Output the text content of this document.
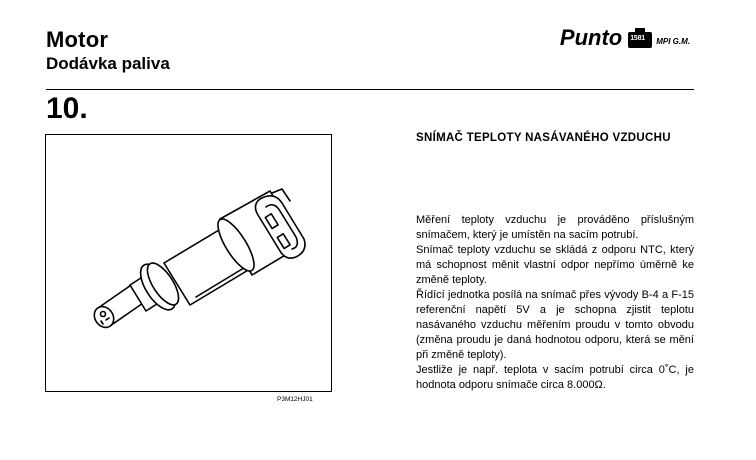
Motor
Dodávka paliva
Punto 1581 MPI G.M.
10.
P3M12HJ01
SNÍMAČ TEPLOTY NASÁVANÉHO VZDUCHU

Měření teploty vzduchu je prováděno příslušným snímačem, který je umístěn na sacím potrubí.

Snímač teploty vzduchu se skládá z odporu NTC, který má schopnost měnit vlastní odpor nepřímo úměrně ke změně teploty.

Řídící jednotka posílá na snímač přes vývody B-4 a F-15 referenční napětí 5V a je schopna zjistit teplotu nasávaného vzduchu měřením proudu v tomto obvodu (změna proudu je daná hodnotou odporu, která se mění při změně teploty).

Jestliže je např. teplota v sacím potrubí circa 0˚C, je hodnota odporu snímače circa 8.000Ω.
